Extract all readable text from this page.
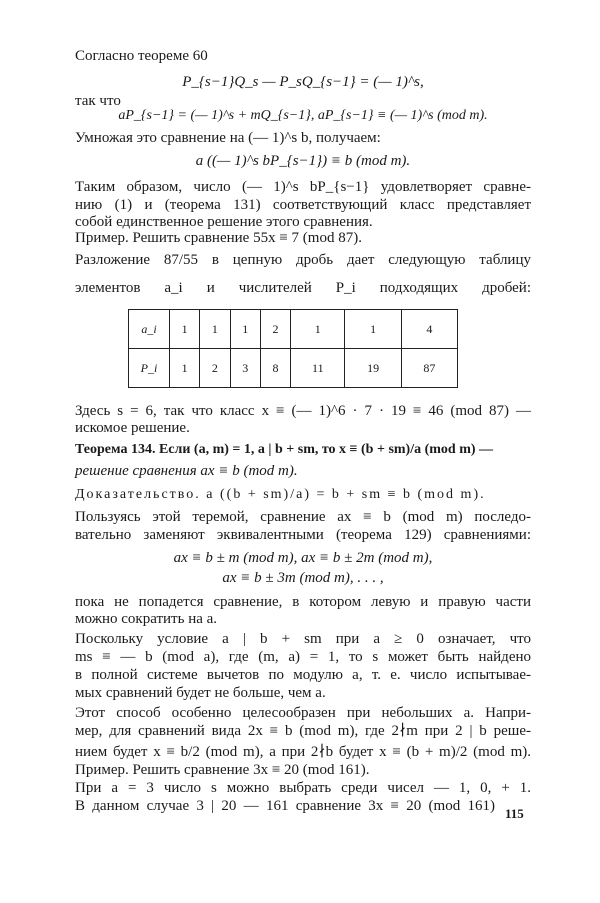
Согласно теореме 60
P_{s−1}Q_s — P_sQ_{s−1} = (— 1)^s,
так что
aP_{s−1} = (— 1)^s + mQ_{s−1}, aP_{s−1} ≡ (— 1)^s (mod m).
Умножая это сравнение на (— 1)^s b, получаем:
a ((— 1)^s bP_{s−1}) ≡ b (mod m).
Таким образом, число (— 1)^s bP_{s−1} удовлетворяет сравне-
нию (1) и (теорема 131) соответствующий класс представляет
собой единственное решение этого сравнения.
Пример. Решить сравнение 55x ≡ 7 (mod 87).
Разложение 87/55 в цепную дробь дает следующую таблицу
элементов a_i и числителей P_i подходящих дробей:
a_i	1	1	1	2	1	1	4
P_i	1	2	3	8	11	19	87
Здесь s = 6, так что класс x ≡ (— 1)^6 · 7 · 19 ≡ 46 (mod 87) —
искомое решение.
Теорема 134. Если (a, m) = 1, a | b + sm, то x ≡ (b + sm)/a (mod m) —
решение сравнения ax ≡ b (mod m).
Доказательство. a ((b + sm)/a) = b + sm ≡ b (mod m).
Пользуясь этой теремой, сравнение ax ≡ b (mod m) последо-
вательно заменяют эквивалентными (теорема 129) сравнениями:
ax ≡ b ± m (mod m), ax ≡ b ± 2m (mod m),
ax ≡ b ± 3m (mod m), . . . ,
пока не попадется сравнение, в котором левую и правую части
можно сократить на a.
Поскольку условие a | b + sm при a ≥ 0 означает, что
ms ≡ — b (mod a), где (m, a) = 1, то s может быть найдено
в полной системе вычетов по модулю a, т. е. число испытывае-
мых сравнений будет не больше, чем a.
Этот способ особенно целесообразен при небольших a. Напри-
мер, для сравнений вида 2x ≡ b (mod m), где 2∤m при 2 | b реше-
нием будет x ≡ b/2 (mod m), а при 2∤b будет x ≡ (b + m)/2 (mod m).
Пример. Решить сравнение 3x ≡ 20 (mod 161).
При a = 3 число s можно выбрать среди чисел — 1, 0, + 1.
В данном случае 3 | 20 — 161 сравнение 3x ≡ 20 (mod 161) 115
